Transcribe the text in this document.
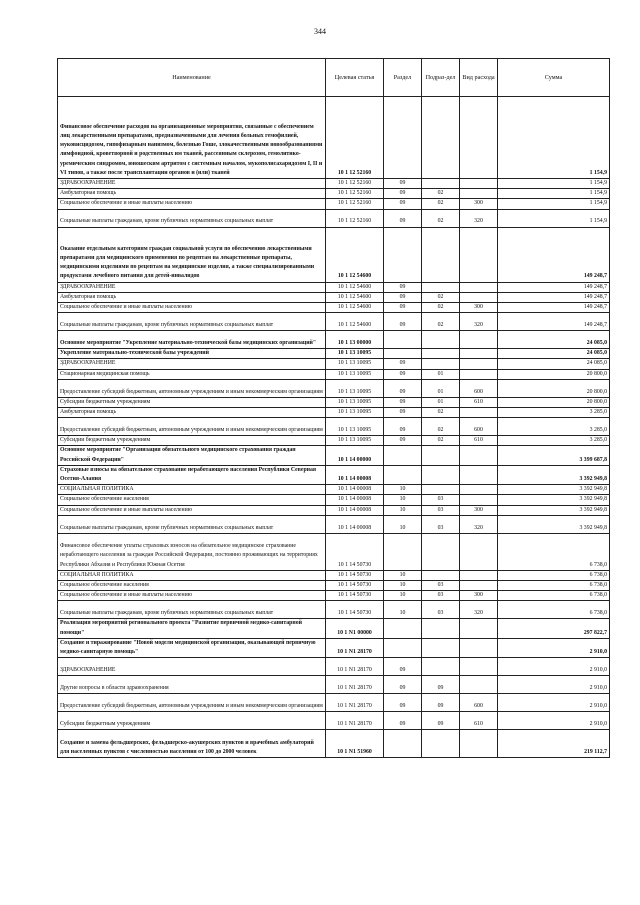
344
Наименование	Целевая статья	Раздел	Подраз-дел	Вид расхода	Сумма
Финансовое обеспечение расходов на организационные мероприятия, связанные с обеспечением лиц лекарственными препаратами, предназначенными для лечения больных гемофилией, муковисцидозом, гипофизарным нанизмом, болезнью Гоше, злокачественными новообразованиями лимфоидной, кроветворной и родственных им тканей, рассеянным склерозом, гемолитико-уремическим синдромом, юношеским артритом с системным началом, мукополисахаридозом I, II и VI типов, а также после трансплантации органов и (или) тканей	10 1 12 52160				1 154,9
ЗДРАВООХРАНЕНИЕ	10 1 12 52160	09			1 154,9
Амбулаторная помощь	10 1 12 52160	09	02		1 154,9
Социальное обеспечение и иные выплаты населению	10 1 12 52160	09	02	300	1 154,9
Социальные выплаты гражданам, кроме публичных нормативных социальных выплат	10 1 12 52160	09	02	320	1 154,9
Оказание отдельным категориям граждан социальной услуги по обеспечению лекарственными препаратами для медицинского применения по рецептам на лекарственные препараты, медицинскими изделиями по рецептам на медицинские изделия, а также специализированными продуктами лечебного питания для детей-инвалидов	10 1 12 54600				149 248,7
ЗДРАВООХРАНЕНИЕ	10 1 12 54600	09			149 248,7
Амбулаторная помощь	10 1 12 54600	09	02		149 248,7
Социальное обеспечение и иные выплаты населению	10 1 12 54600	09	02	300	149 248,7
Социальные выплаты гражданам, кроме публичных нормативных социальных выплат	10 1 12 54600	09	02	320	149 248,7
Основное мероприятие "Укрепление материально-технической базы медицинских организаций"	10 1 13 00000				24 085,0
Укрепление материально-технической базы учреждений	10 1 13 10095				24 085,0
ЗДРАВООХРАНЕНИЕ	10 1 13 10095	09			24 085,0
Стационарная медицинская помощь	10 1 13 10095	09	01		20 800,0
Предоставление субсидий бюджетным, автономным учреждениям и иным некоммерческим организациям	10 1 13 10095	09	01	600	20 800,0
Субсидии бюджетным учреждениям	10 1 13 10095	09	01	610	20 800,0
Амбулаторная помощь	10 1 13 10095	09	02		3 285,0
Предоставление субсидий бюджетным, автономным учреждениям и иным некоммерческим организациям	10 1 13 10095	09	02	600	3 285,0
Субсидии бюджетным учреждениям	10 1 13 10095	09	02	610	3 285,0
Основное мероприятие "Организация обязательного медицинского страхования граждан Российской Федерации"	10 1 14 00000				3 399 687,8
Страховые взносы на обязательное страхование неработающего населения Республики Северная Осетия-Алания	10 1 14 00008				3 392 949,8
СОЦИАЛЬНАЯ ПОЛИТИКА	10 1 14 00008	10			3 392 949,8
Социальное обеспечение населения	10 1 14 00008	10	03		3 392 949,8
Социальное обеспечение и иные выплаты населению	10 1 14 00008	10	03	300	3 392 949,8
Социальные выплаты гражданам, кроме публичных нормативных социальных выплат	10 1 14 00008	10	03	320	3 392 949,8
Финансовое обеспечение уплаты страховых взносов на обязательное медицинское страхование неработающего населения за граждан Российской Федерации, постоянно проживающих на территориях Республики Абхазия и Республики Южная Осетия	10 1 14 50730				6 738,0
СОЦИАЛЬНАЯ ПОЛИТИКА	10 1 14 50730	10			6 738,0
Социальное обеспечение населения	10 1 14 50730	10	03		6 738,0
Социальное обеспечение и иные выплаты населению	10 1 14 50730	10	03	300	6 738,0
Социальные выплаты гражданам, кроме публичных нормативных социальных выплат	10 1 14 50730	10	03	320	6 738,0
Реализация мероприятий регионального проекта "Развитие первичной медико-санитарной помощи"	10 1 N1 00000				297 822,7
Создание и тиражирование "Новой модели медицинской организации, оказывающей первичную медико-санитарную помощь"	10 1 N1 28170				2 910,0
ЗДРАВООХРАНЕНИЕ	10 1 N1 28170	09			2 910,0
Другие вопросы в области здравоохранения	10 1 N1 28170	09	09		2 910,0
Предоставление субсидий бюджетным, автономным учреждениям и иным некоммерческим организациям	10 1 N1 28170	09	09	600	2 910,0
Субсидии бюджетным учреждениям	10 1 N1 28170	09	09	610	2 910,0
Создание и замена фельдшерских, фельдшерско-акушерских пунктов и врачебных амбулаторий для населенных пунктов с численностью населения от 100 до 2000 человек	10 1 N1 51960				219 112,7
